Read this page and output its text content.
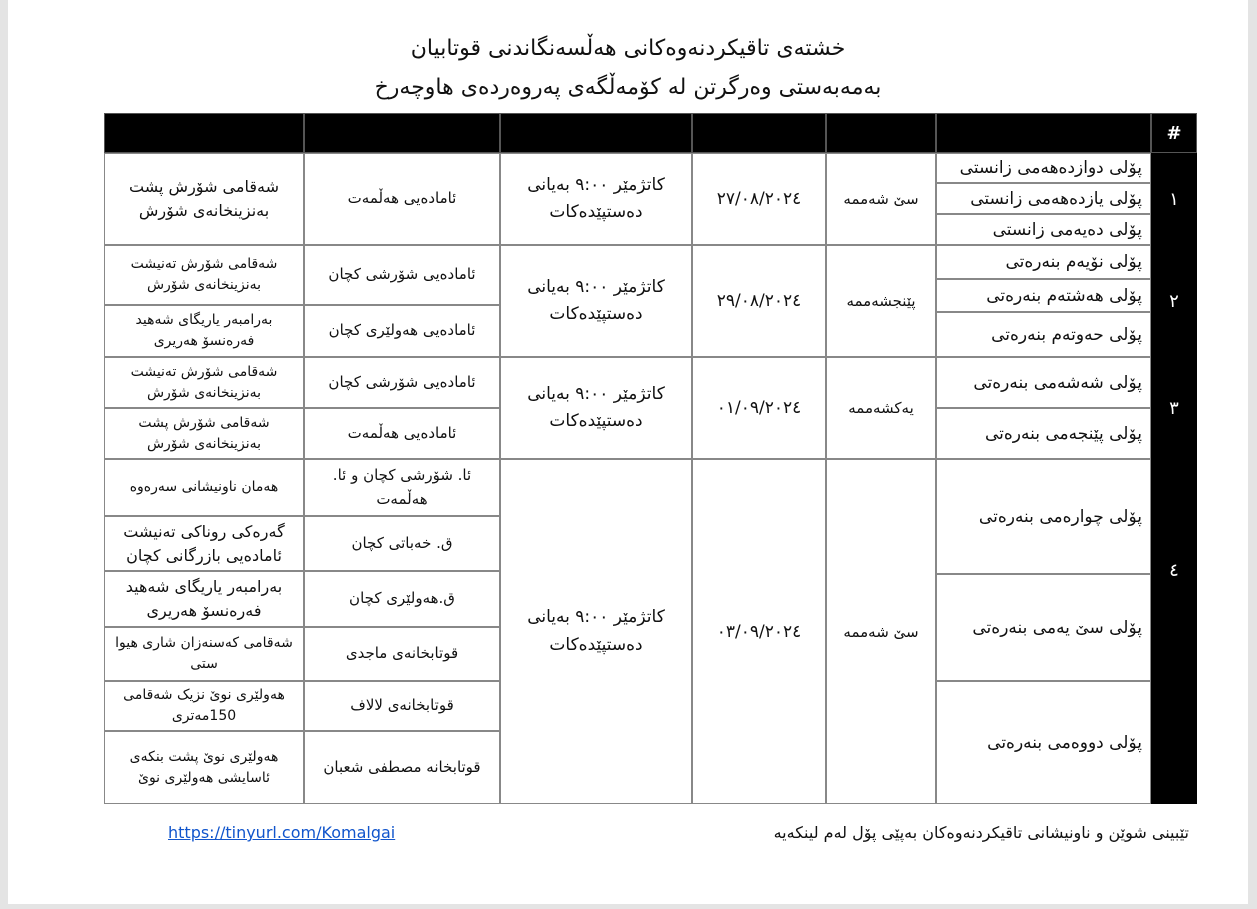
خشتەی تاقیکردنەوەکانی هەڵسەنگاندنی قوتابیان
بەمەبەستی وەرگرتن لە کۆمەڵگەی پەروەردەی هاوچەرخ
#
١
پۆلی دوازدەهەمی زانستی
پۆلی یازدەهەمی زانستی
پۆلی دەیەمی زانستی
سێ شەممە
٢٧/٠٨/٢٠٢٤
کاتژمێر ٩:٠٠ بەیانی دەستپێدەکات
ئامادەیی هەڵمەت
شەقامی شۆرش پشت بەنزینخانەی شۆرش
٢
پۆلی نۆیەم بنەرەتی
پۆلی هەشتەم بنەرەتی
پۆلی حەوتەم بنەرەتی
پێنجشەممە
٢٩/٠٨/٢٠٢٤
کاتژمێر ٩:٠٠ بەیانی دەستپێدەکات
ئامادەیی شۆرشی کچان
ئامادەیی هەولێری کچان
شەقامی شۆرش تەنیشت بەنزینخانەی شۆرش
بەرامبەر یاریگای شەهید فەرەنسۆ هەریری
٣
پۆلی شەشەمی بنەرەتی
پۆلی پێنجەمی بنەرەتی
یەکشەممە
٠١/٠٩/٢٠٢٤
کاتژمێر ٩:٠٠ بەیانی دەستپێدەکات
ئامادەیی شۆرشی کچان
ئامادەیی هەڵمەت
شەقامی شۆرش تەنیشت بەنزینخانەی شۆرش
شەقامی شۆرش پشت بەنزینخانەی شۆرش
٤
پۆلی چوارەمی بنەرەتی
پۆلی سێ یەمی بنەرەتی
پۆلی دووەمی بنەرەتی
سێ شەممە
٠٣/٠٩/٢٠٢٤
کاتژمێر ٩:٠٠ بەیانی دەستپێدەکات
ئا. شۆرشی کچان و ئا. هەڵمەت
ق. خەباتی کچان
ق.هەولێری کچان
قوتابخانەی ماجدی
قوتابخانەی لالاف
قوتابخانە مصطفی شعبان
هەمان ناونیشانی سەرەوە
گەرەکی روناکی تەنیشت ئامادەیی بازرگانی کچان
بەرامبەر یاریگای شەهید فەرەنسۆ هەریری
شەقامی کەسنەزان شاری هیوا ستی
هەولێری نوێ نزیک شەقامی 150مەتری
هەولێری نوێ پشت بنکەی ئاسایشی هەولێری نوێ
تێبینی شوێن و ناونیشانی تاقیکردنەوەکان بەپێی پۆل لەم لینکەیە
https://tinyurl.com/Komalgai
